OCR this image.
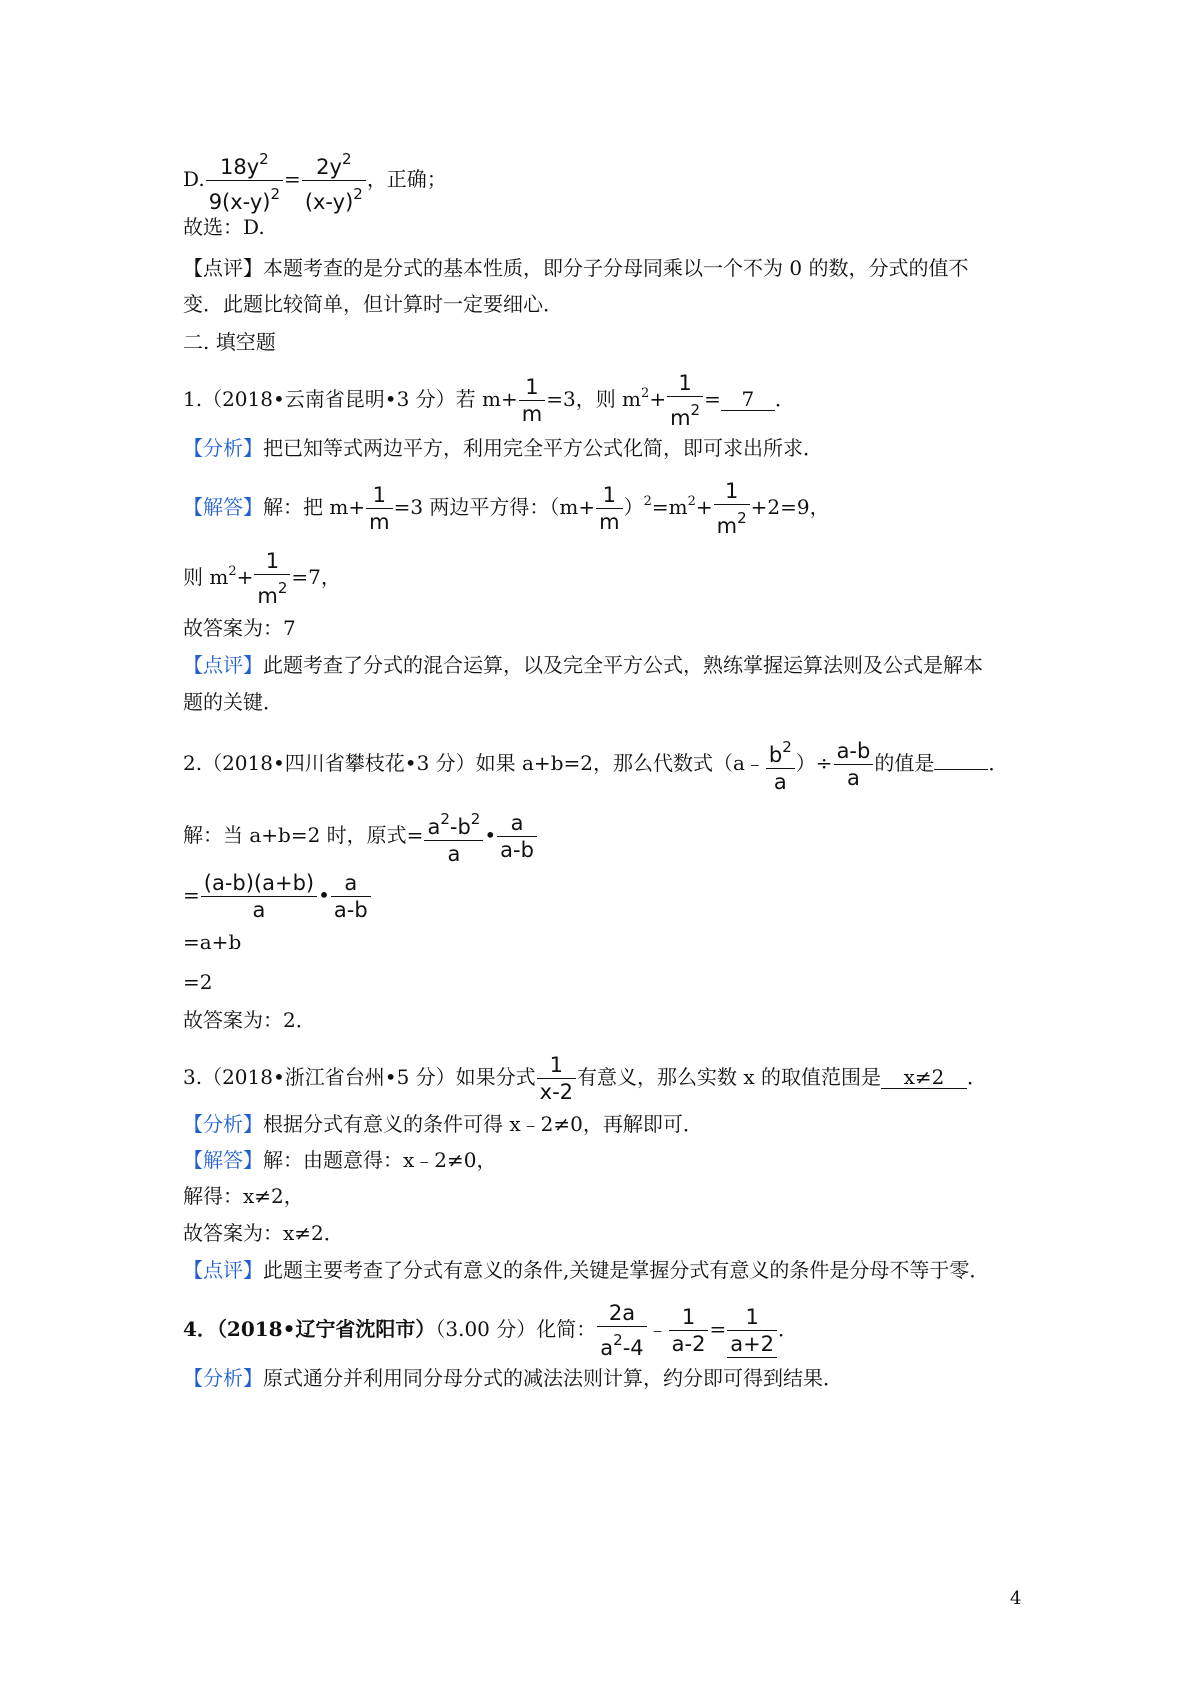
D. $\frac{18y^2}{9(x-y)^2} = \frac{2y^2}{(x-y)^2}$ ，正确；
故选：D.
【点评】本题考查的是分式的基本性质，即分子分母同乘以一个不为 0 的数，分式的值不
变．此题比较简单，但计算时一定要细心．
二. 填空题
1.（2018•云南省昆明•3 分）若 $m+ \frac{1}{m} =3$，则 $m^2+ \frac{1}{m^2} = 7$ ．
【分析】把已知等式两边平方，利用完全平方公式化简，即可求出所求．
【解答】解：把 $m+ \frac{1}{m} =3$ 两边平方得：$(m+ \frac{1}{m} )^2=m^2+ \frac{1}{m^2} +2=9$，
则 $m^2+ \frac{1}{m^2} =7$，
故答案为：7
【点评】此题考查了分式的混合运算，以及完全平方公式，熟练掌握运算法则及公式是解本
题的关键．
2.（2018•四川省攀枝花•3 分）如果 a+b=2，那么代数式（a﹣ $\frac{b^2}{a}$ ）÷ $\frac{a-b}{a}$ 的值是	．
解：当 a+b=2 时，原式= $\frac{a^2-b^2}{a}$ • $\frac{a}{a-b}$
= $\frac{(a-b)(a+b)}{a}$ • $\frac{a}{a-b}$
=a+b
=2
故答案为：2．
3.（2018•浙江省台州•5 分）如果分式 $\frac{1}{x-2}$ 有意义，那么实数 x 的取值范围是 x≠2 ．
【分析】根据分式有意义的条件可得 x﹣2≠0，再解即可．
【解答】解：由题意得：x﹣2≠0，
解得：x≠2，
故答案为：x≠2．
【点评】此题主要考查了分式有意义的条件,关键是掌握分式有意义的条件是分母不等于零．
4．（2018•辽宁省沈阳市）（3.00 分）化简： $\frac{2a}{a^2-4}$ ﹣ $\frac{1}{a-2} = \frac{1}{a+2}$ ．
【分析】原式通分并利用同分母分式的减法法则计算，约分即可得到结果．
4
